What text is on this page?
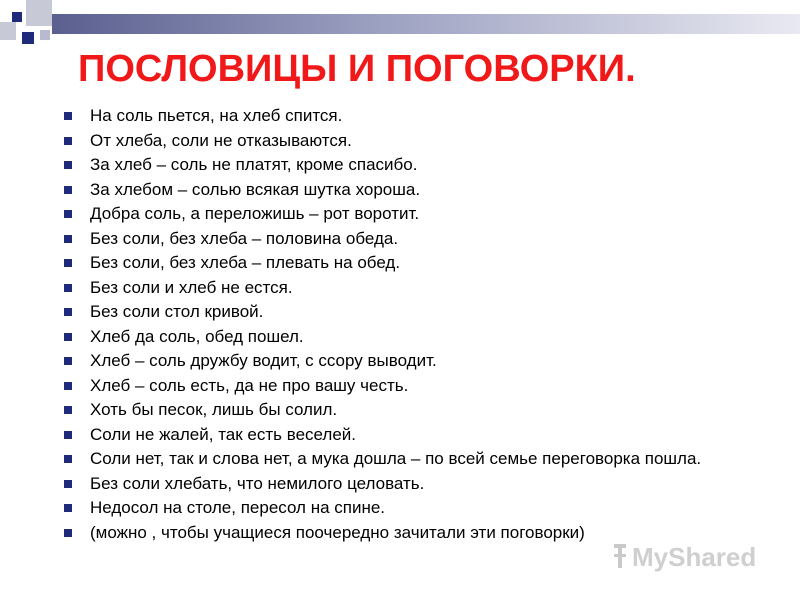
ПОСЛОВИЦЫ И ПОГОВОРКИ.
На соль пьется, на хлеб спится.
От хлеба, соли не отказываются.
За хлеб – соль не платят, кроме спасибо.
За хлебом – солью всякая шутка хороша.
Добра соль, а переложишь – рот воротит.
Без соли, без хлеба – половина обеда.
Без соли, без хлеба – плевать на обед.
Без соли и хлеб не естся.
Без соли стол кривой.
Хлеб да соль, обед пошел.
Хлеб – соль дружбу водит, с ссору выводит.
Хлеб – соль есть, да не про вашу честь.
Хоть бы песок, лишь бы солил.
Соли не жалей, так есть веселей.
Соли нет, так и слова нет, а мука дошла – по всей семье переговорка пошла.
Без соли хлебать, что немилого целовать.
Недосол на столе, пересол на спине.
(можно , чтобы учащиеся поочередно зачитали эти поговорки)
MyShared
